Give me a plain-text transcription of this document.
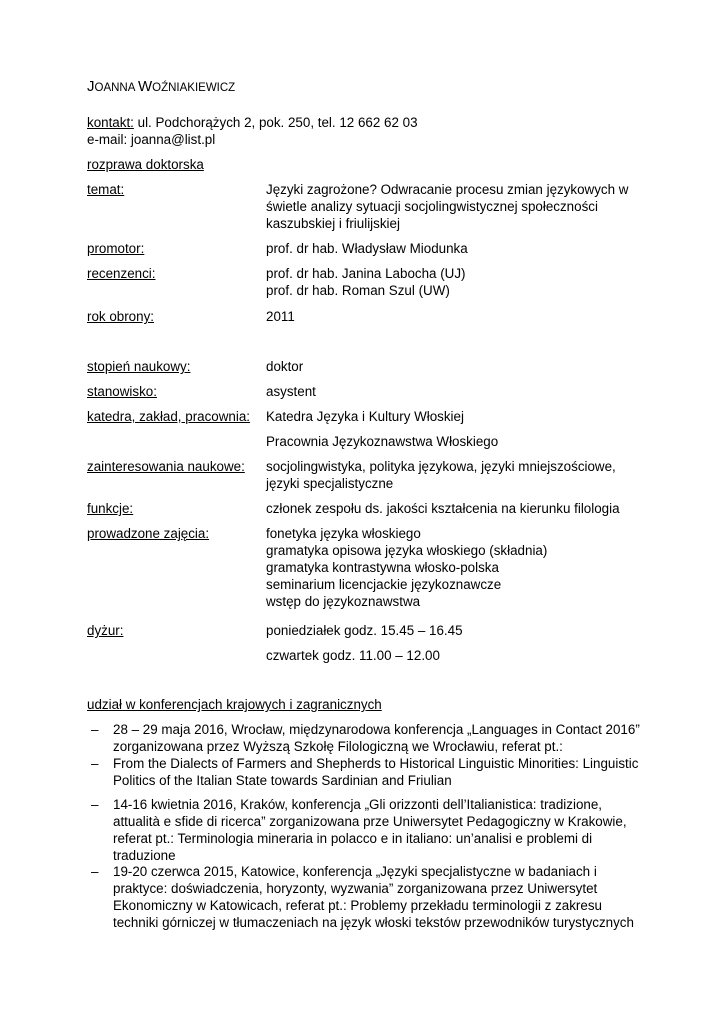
JOANNA WOŹNIAKIEWICZ
kontakt: ul. Podchorążych 2, pok. 250, tel. 12 662 62 03
e-mail: joanna@list.pl
rozprawa doktorska
temat:	Języki zagrożone? Odwracanie procesu zmian językowych w
świetle analizy sytuacji socjolingwistycznej społeczności
kaszubskiej i friulijskiej
promotor:	prof. dr hab. Władysław Miodunka
recenzenci:	prof. dr hab. Janina Labocha (UJ)
prof. dr hab. Roman Szul (UW)
rok obrony:	2011
stopień naukowy:	doktor
stanowisko:	asystent
katedra, zakład, pracownia: Katedra Języka i Kultury Włoskiej
Pracownia Językoznawstwa Włoskiego
zainteresowania naukowe: socjolingwistyka, polityka językowa, języki mniejszościowe,
języki specjalistyczne
funkcje:	członek zespołu ds. jakości kształcenia na kierunku filologia
prowadzone zajęcia:	fonetyka języka włoskiego
gramatyka opisowa języka włoskiego (składnia)
gramatyka kontrastywna włosko-polska
seminarium licencjackie językoznawcze
wstęp do językoznawstwa
dyżur:	poniedziałek godz. 15.45 – 16.45
czwartek godz. 11.00 – 12.00
udział w konferencjach krajowych i zagranicznych
– 28 – 29 maja 2016, Wrocław, międzynarodowa konferencja „Languages in Contact 2016”
zorganizowana przez Wyższą Szkołę Filologiczną we Wrocławiu, referat pt.:
– From the Dialects of Farmers and Shepherds to Historical Linguistic Minorities: Linguistic
Politics of the Italian State towards Sardinian and Friulian
– 14-16 kwietnia 2016, Kraków, konferencja „Gli orizzonti dell’Italianistica: tradizione,
attualità e sfide di ricerca” zorganizowana prze Uniwersytet Pedagogiczny w Krakowie,
referat pt.: Terminologia mineraria in polacco e in italiano: un’analisi e problemi di
traduzione
– 19-20 czerwca 2015, Katowice, konferencja „Języki specjalistyczne w badaniach i
praktyce: doświadczenia, horyzonty, wyzwania” zorganizowana przez Uniwersytet
Ekonomiczny w Katowicach, referat pt.: Problemy przekładu terminologii z zakresu
techniki górniczej w tłumaczeniach na język włoski tekstów przewodników turystycznych
